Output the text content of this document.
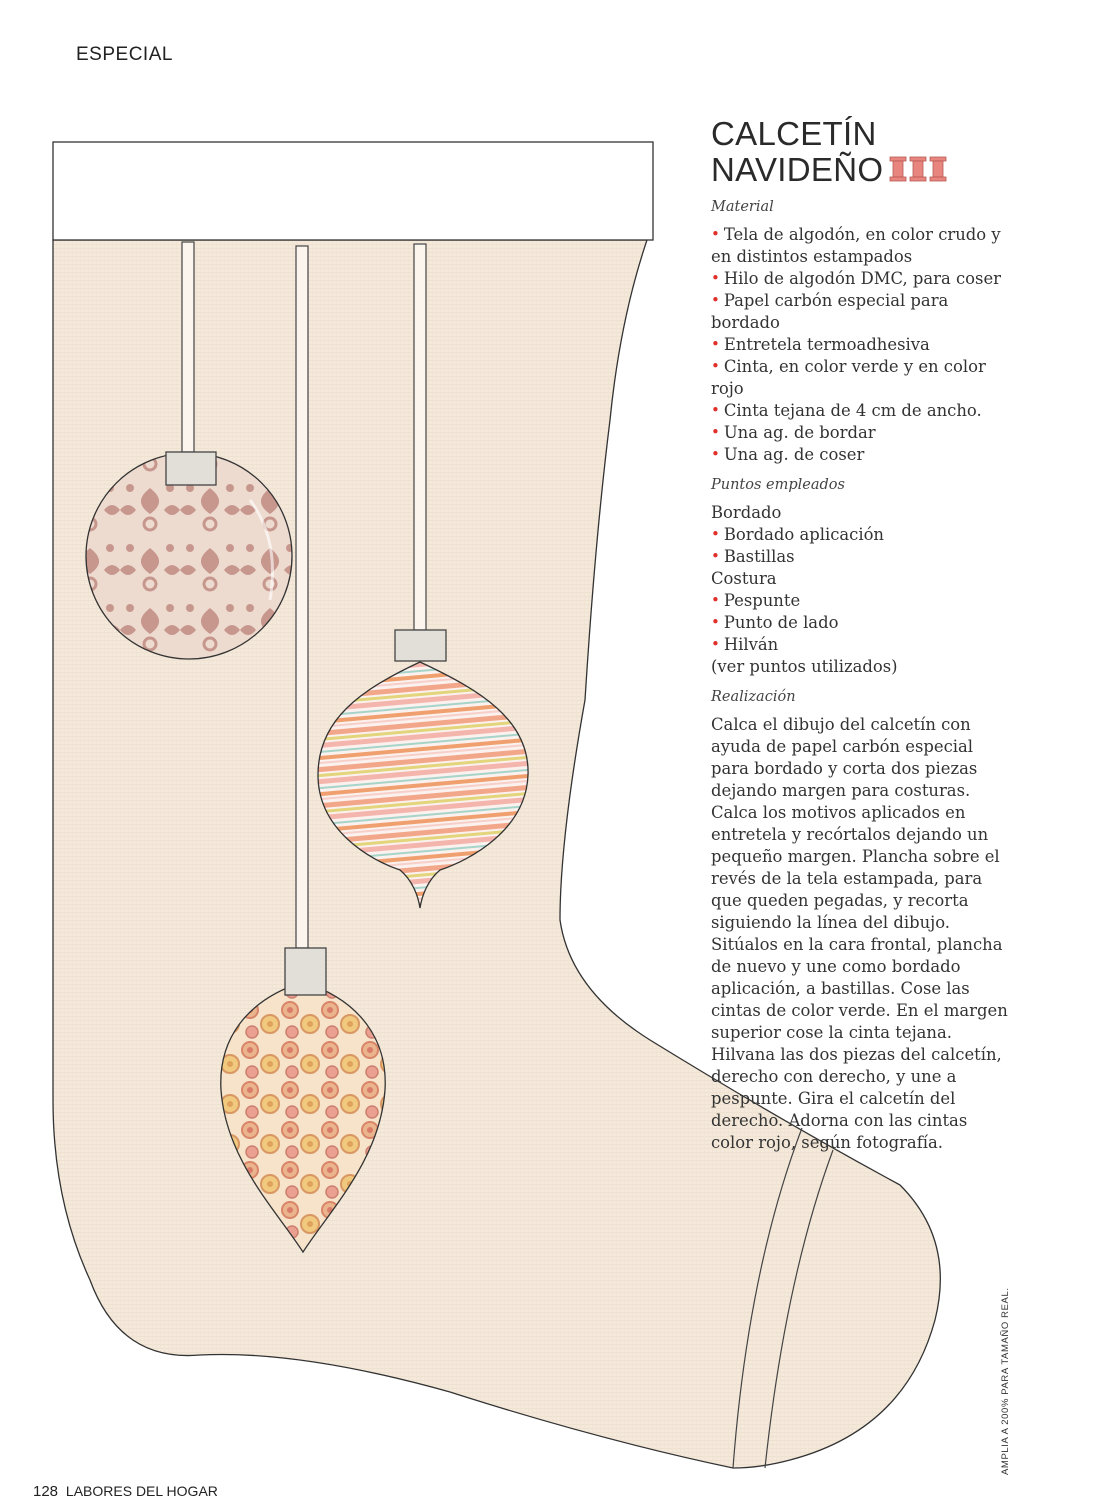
ESPECIAL
CALCETÍN
NAVIDEÑO

Material

• Tela de algodón, en color crudo y en distintos estampados
• Hilo de algodón DMC, para coser
• Papel carbón especial para bordado
• Entretela termoadhesiva
• Cinta, en color verde y en color rojo
• Cinta tejana de 4 cm de ancho.
• Una ag. de bordar
• Una ag. de coser

Puntos empleados

Bordado

• Bordado aplicación
• Bastillas

Costura

• Pespunte
• Punto de lado
• Hilván

(ver puntos utilizados)

Realización

Calca el dibujo del calcetín con ayuda de papel carbón especial para bordado y corta dos piezas dejando margen para costuras. Calca los motivos aplicados en entretela y recórtalos dejando un pequeño margen. Plancha sobre el revés de la tela estampada, para que queden pegadas, y recorta siguiendo la línea del dibujo. Sitúalos en la cara frontal, plancha de nuevo y une como bordado aplicación, a bastillas. Cose las cintas de color verde. En el margen superior cose la cinta tejana. Hilvana las dos piezas del calcetín, derecho con derecho, y une a pespunte. Gira el calcetín del derecho. Adorna con las cintas color rojo, según fotografía.

AMPLIA A 200% PARA TAMAÑO REAL.
128 LABORES DEL HOGAR
